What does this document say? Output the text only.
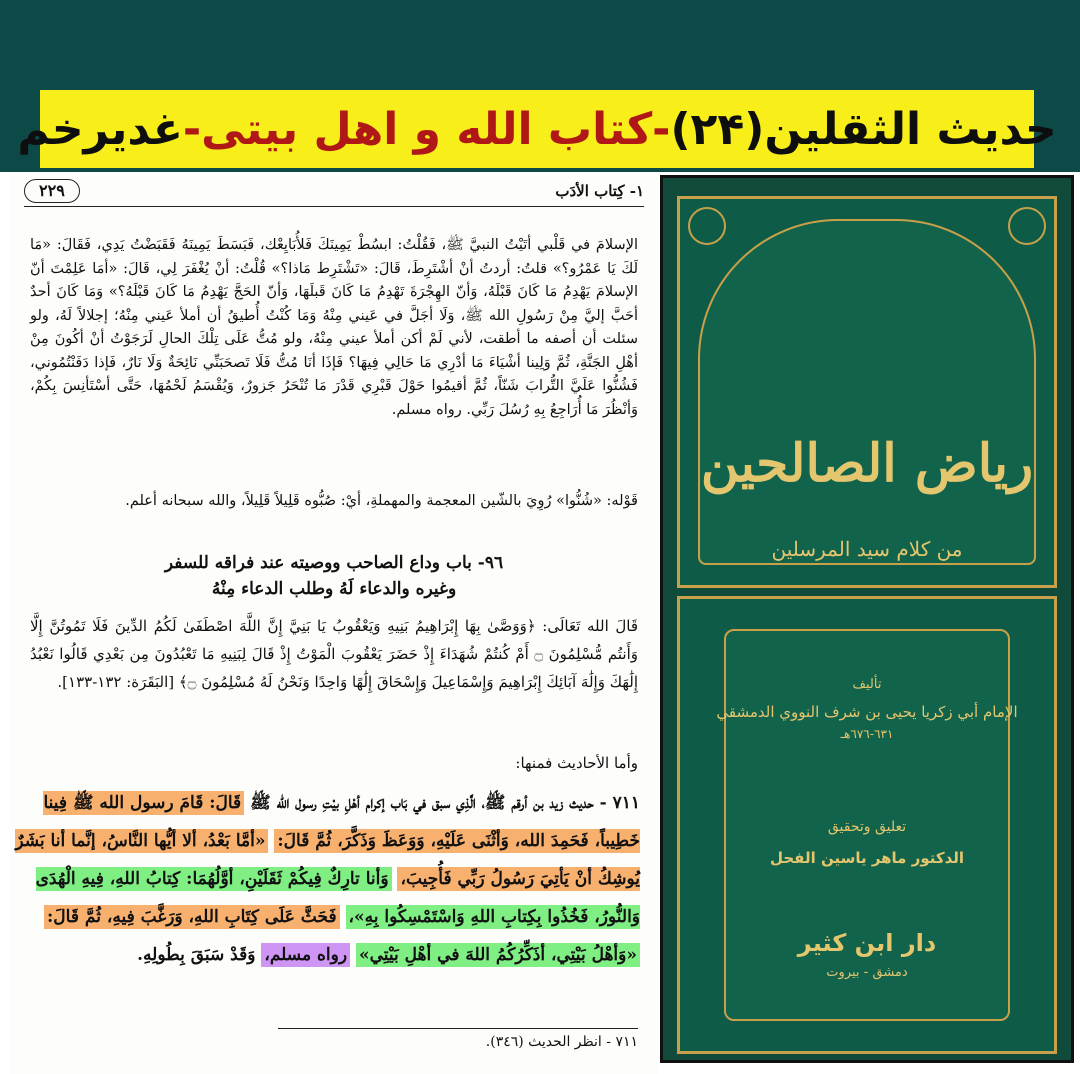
حديث الثقلين(۲۴)
-کتاب الله و اهل بیتی-
غدیرخم
١- كِتاب الأدَب
٢٢٩
الإسلامَ في قَلْبي أتَيْتُ النبيَّ ﷺ، فَقُلْتُ: ابسُطْ يَمِينَكَ فَلأُبَايِعْك، فَبَسَطَ يَمِينَهُ فَقَبَضْتُ يَدِي، فَقَالَ: «مَا لَكَ يَا عَمْرُو؟» قلتُ: أردتُ أنْ أشْتَرِطَ، قَالَ: «تَشْتَرِط مَاذا؟» قُلْتُ: أنْ يُغْفَرَ لِي، قَالَ: «أمَا عَلِمْتَ أنّ الإسلامَ يَهْدِمُ مَا كَانَ قَبْلَهُ، وَأنّ الهِجْرَةَ تَهْدِمُ مَا كَانَ قَبلَهَا، وَأنّ الحَجَّ يَهْدِمُ مَا كَانَ قَبْلَهُ؟» وَمَا كَانَ أحدٌ أحَبَّ إليَّ مِنْ رَسُولِ الله ﷺ، وَلَا أجَلَّ في عَيني مِنْهُ وَمَا كُنْتُ أُطيقُ أن أملأ عَيني مِنْهُ؛ إجلالاً لَهُ، ولو سئلت أن أصفه ما أطقت، لأني لَمْ أكن أملأ عيني مِنْهُ، ولو مُتُّ عَلَى تِلْكَ الحالِ لَرَجَوْتُ أنْ أكُونَ مِنْ أهْلِ الجَنَّةِ، ثُمَّ وَلِينا أشْيَاءَ مَا أدْرِي مَا حَالِي فِيهَا؟ فَإذَا أنَا مُتُّ فَلَا تَصحَبَنِّي نَائِحَةٌ وَلَا نَارٌ، فَإذا دَفَنْتُمُوني، فَشُنُّوا عَلَيَّ التُّرابَ شَنّاً، ثُمَّ أقيمُوا حَوْلَ قَبْرِي قَدْرَ مَا تُنْحَرُ جَزورٌ، وَيُقْسَمُ لَحْمُهَا، حَتَّى أسْتَأنِسَ بِكُمْ، وَأنْظُرَ مَا أُرَاجِعُ بِهِ رُسُلَ رَبِّي. رواه مسلم.
قَوْله: «شُنُّوا» رُوِيَ بالشّين المعجمة والمهملةِ، أيْ: صُبُّوه قَلِيلاً قَلِيلاً، والله سبحانه أعلم.
٩٦- باب وداع الصاحب ووصيته عند فراقه للسفر
وغيره والدعاء لَهُ وطلب الدعاء مِنْهُ
قَالَ الله تَعَالَى: ﴿وَوَصَّىٰ بِهَا إِبْرَاهِيمُ بَنِيهِ وَيَعْقُوبُ يَا بَنِيَّ إِنَّ اللَّهَ اصْطَفَىٰ لَكُمُ الدِّينَ فَلَا تَمُوتُنَّ إِلَّا وَأَنتُم مُّسْلِمُونَ ۝ أَمْ كُنتُمْ شُهَدَاءَ إِذْ حَضَرَ يَعْقُوبَ الْمَوْتُ إِذْ قَالَ لِبَنِيهِ مَا تَعْبُدُونَ مِن بَعْدِي قَالُوا نَعْبُدُ إِلَٰهَكَ وَإِلَٰهَ آبَائِكَ إِبْرَاهِيمَ وَإِسْمَاعِيلَ وَإِسْحَاقَ إِلَٰهًا وَاحِدًا وَنَحْنُ لَهُ مُسْلِمُونَ ۝﴾ [البَقَرَة: ١٣٢-١٣٣].
وأما الأحاديث فمنها:
٧١١ - حديث زيد بن أرقم ﷺ، الَّذِي سبق في بَاب إكرام أهْلِ بيْتِ رسول الله ﷺ قَالَ: قَامَ رسول الله ﷺ فِينا خَطِيباً، فَحَمِدَ الله، وَأثْنَى عَلَيْهِ، وَوَعَظَ وَذَكَّرَ، ثُمَّ قَالَ: «أمَّا بَعْدُ، ألا أيُّها النَّاسُ، إنَّما أنا بَشَرٌ يُوشِكُ أنْ يَأتِيَ رَسُولُ رَبِّي فَأُجِيبَ، وَأنا تارِكٌ فِيكُمْ ثَقَلَيْنِ، أوَّلُهُمَا: كِتابُ اللهِ، فِيهِ الْهُدَى وَالنُّورُ، فَخُذُوا بِكِتابِ اللهِ وَاسْتَمْسِكُوا بِهِ»، فَحَثَّ عَلَى كِتَابِ اللهِ، وَرَغَّبَ فِيهِ، ثُمَّ قَالَ: «وَأهْلُ بَيْتِي، أذَكِّرُكُمُ اللهَ في أهْلِ بَيْتِي» رواه مسلم، وَقَدْ سَبَقَ بِطُولِهِ.
٧١١ - انظر الحديث (٣٤٦).
رياض الصالحين
من كلام سيد المرسلين
تأليف
الإمام أبي زكريا يحيى بن شرف النووي الدمشقي
٦٣١-٦٧٦هـ
تعليق وتحقيق
الدكتور ماهر ياسين الفحل
دار ابن كثير
دمشق - بيروت
